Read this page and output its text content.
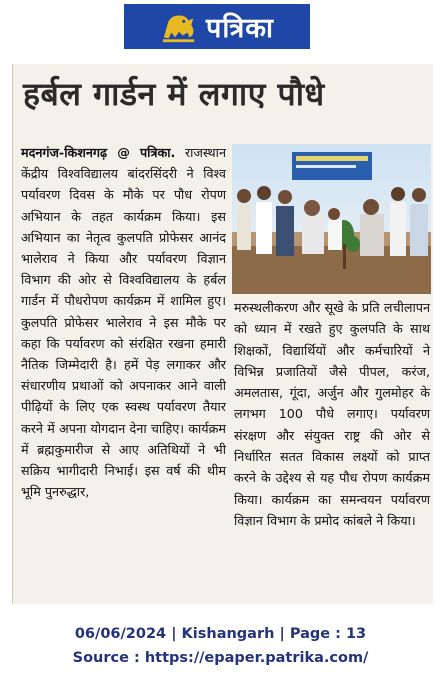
पत्रिका
हर्बल गार्डन में लगाए पौधे
मदनगंज-किशनगढ़ @ पत्रिका. राजस्थान केंद्रीय विश्वविद्यालय बांदरसिंदरी ने विश्व पर्यावरण दिवस के मौके पर पौध रोपण अभियान के तहत कार्यक्रम किया। इस अभियान का नेतृत्व कुलपति प्रोफेसर आनंद भालेराव ने किया और पर्यावरण विज्ञान विभाग की ओर से विश्वविद्यालय के हर्बल गार्डन में पौधरोपण कार्यक्रम में शामिल हुए। कुलपति प्रोफेसर भालेराव ने इस मौके पर कहा कि पर्यावरण को संरक्षित रखना हमारी नैतिक जिम्मेदारी है। हमें पेड़ लगाकर और संधारणीय प्रथाओं को अपनाकर आने वाली पीढ़ियों के लिए एक स्वस्थ पर्यावरण तैयार करने में अपना योगदान देना चाहिए। कार्यक्रम में ब्रह्मकुमारीज से आए अतिथियों ने भी सक्रिय भागीदारी निभाई। इस वर्ष की थीम भूमि पुनरुद्धार,
मरुस्थलीकरण और सूखे के प्रति लचीलापन को ध्यान में रखते हुए कुलपति के साथ शिक्षकों, विद्यार्थियों और कर्मचारियों ने विभिन्न प्रजातियों जैसे पीपल, करंज, अमलतास, गूंदा, अर्जुन और गुलमोहर के लगभग 100 पौधे लगाए। पर्यावरण संरक्षण और संयुक्त राष्ट्र की ओर से निर्धारित सतत विकास लक्ष्यों को प्राप्त करने के उद्देश्य से यह पौध रोपण कार्यक्रम किया। कार्यक्रम का समन्वयन पर्यावरण विज्ञान विभाग के प्रमोद कांबले ने किया।
06/06/2024 | Kishangarh | Page : 13
Source : https://epaper.patrika.com/
